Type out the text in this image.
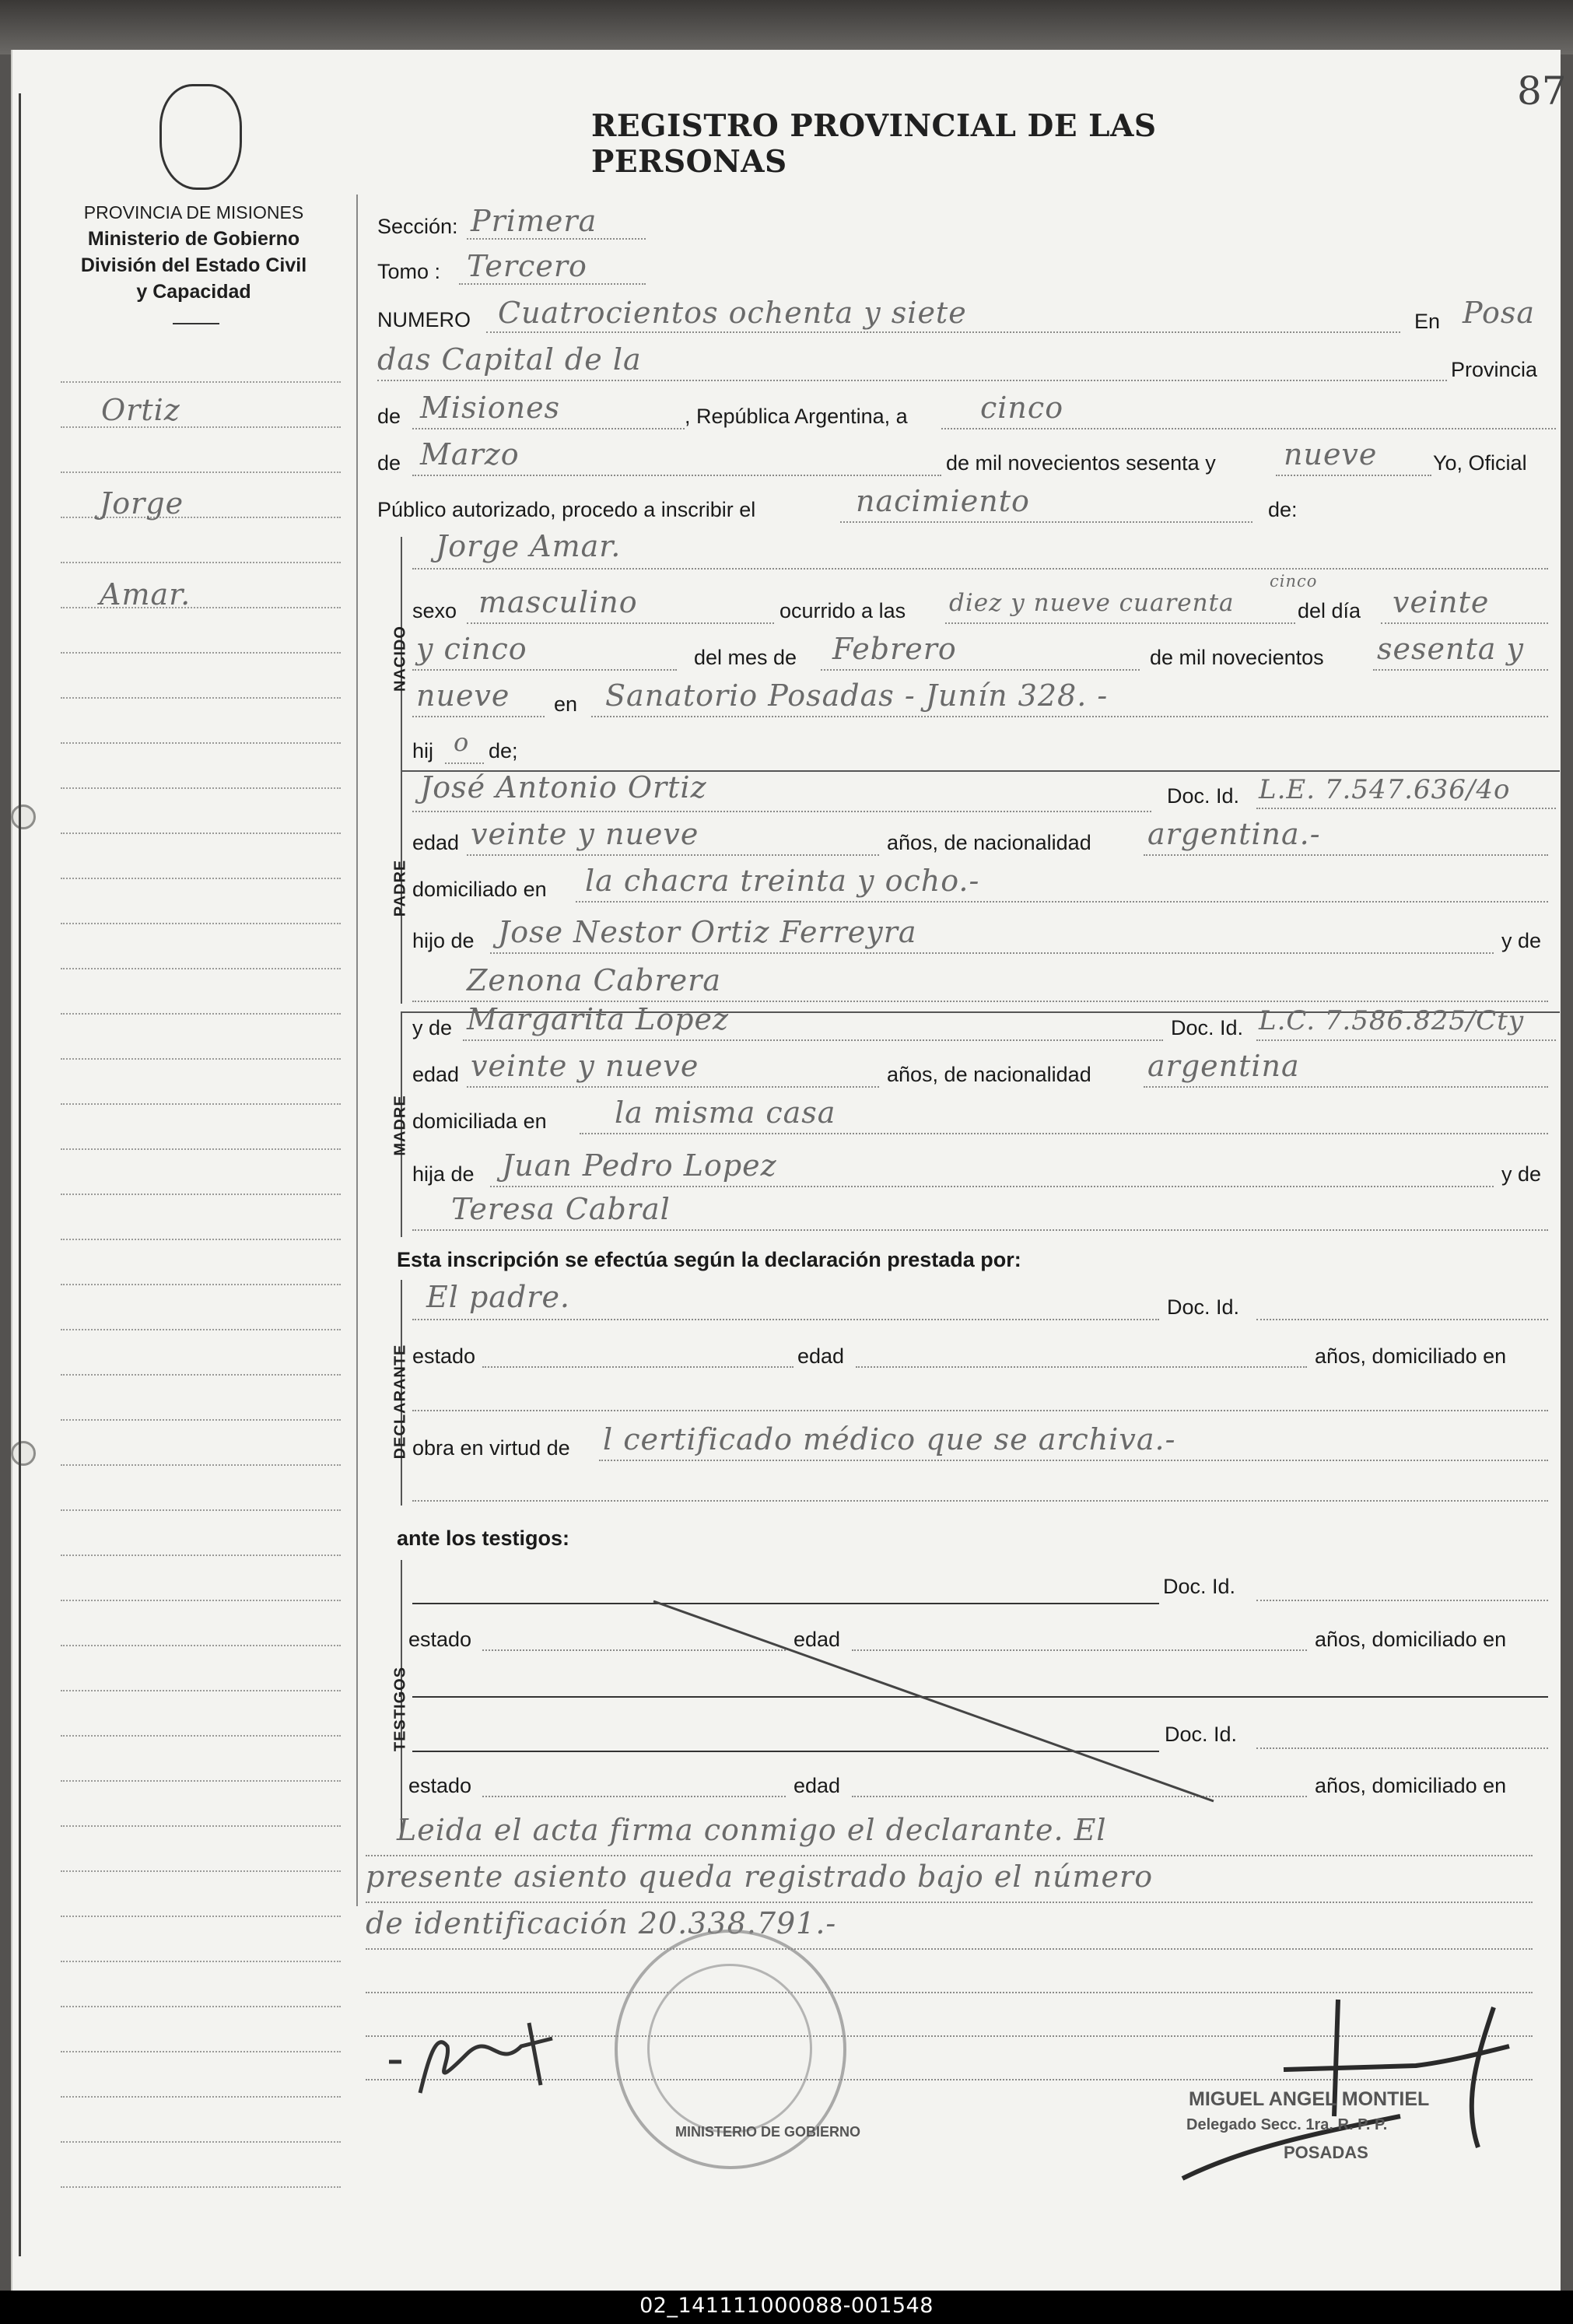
87
REGISTRO PROVINCIAL DE LAS PERSONAS
PROVINCIA DE MISIONES
Ministerio de Gobierno
División del Estado Civil
y Capacidad
Ortiz
Jorge
Amar.
Sección: Primera
Tomo : Tercero
NUMERO Cuatrocientos ochenta y siete	En Posa
das Capital de la	Provincia
de Misiones	, República Argentina, a cinco
de Marzo	de mil novecientos sesenta y nueve	Yo, Oficial
Público autorizado, procedo a inscribir el	nacimiento	de:
NACIDO
Jorge Amar.
sexo masculino	ocurrido a las diez y nueve cuarenta
cinco
del día veinte
y cinco	del mes de Febrero	de mil novecientos sesenta y
nueve en Sanatorio Posadas - Junín 328. -
hij o de;
PADRE
José Antonio Ortiz	Doc. Id. L.E. 7.547.636/4o
edad veinte y nueve	años, de nacionalidad argentina.-
domiciliado en la chacra treinta y ocho.-
hijo de Jose Nestor Ortiz Ferreyra	y de
Zenona Cabrera
MADRE
y de Margarita Lopez	Doc. Id. L.C. 7.586.825/Cty
edad veinte y nueve	años, de nacionalidad argentina
domiciliada en la misma casa
hija de Juan Pedro Lopez	y de
Teresa Cabral
Esta inscripción se efectúa según la declaración prestada por:
DECLARANTE
El padre.	Doc. Id.
estado	edad	años, domiciliado en
obra en virtud de l certificado médico que se archiva.-
ante los testigos:
TESTIGOS
Doc. Id.
estado	edad	años, domiciliado en
Doc. Id.
estado	edad	años, domiciliado en
Leida el acta firma conmigo el declarante. El
presente asiento queda registrado bajo el número
de identificación 20.338.791.-
MINISTERIO DE GOBIERNO
MIGUEL ANGEL MONTIEL
Delegado Secc. 1ra. R. P. P.
POSADAS
02_141111000088-001548
